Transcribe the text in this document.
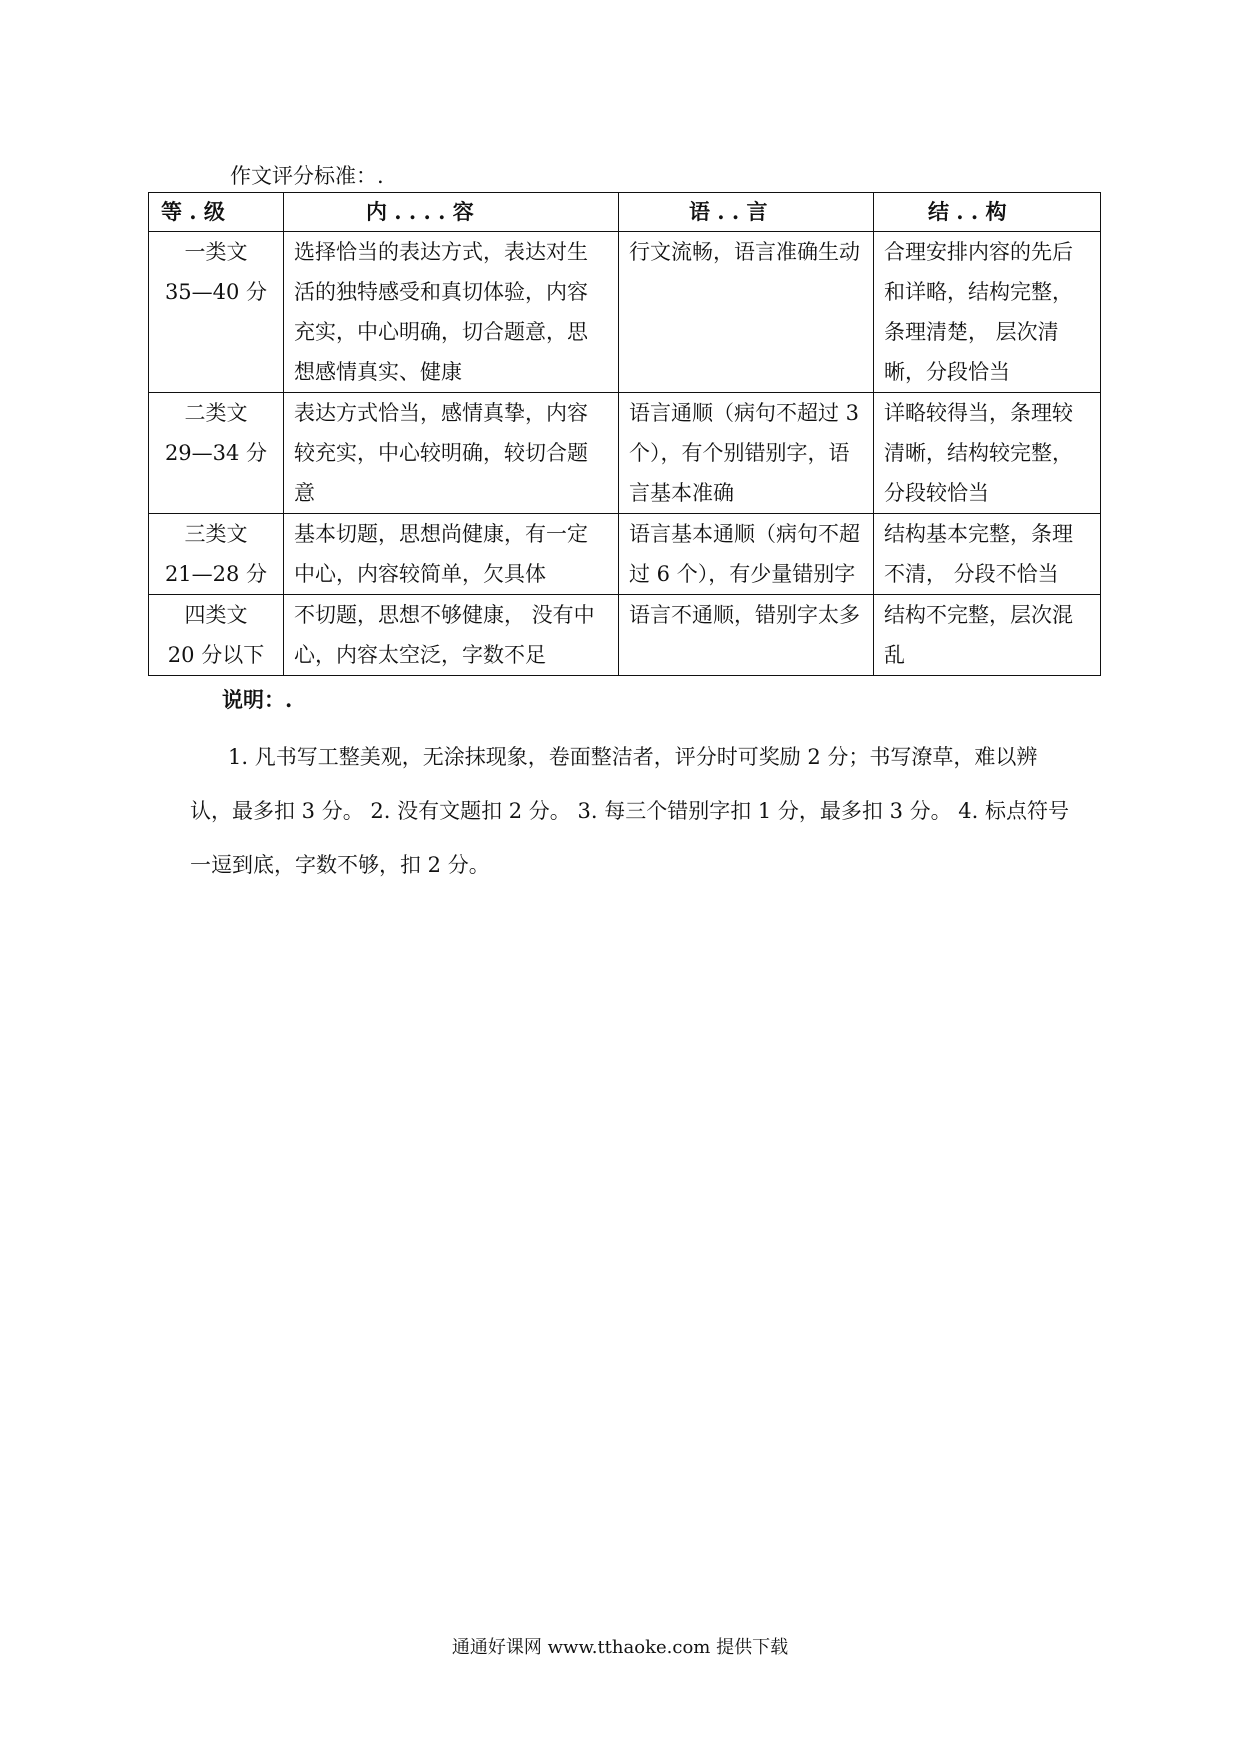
作文评分标准：.
等 . 级	内 . . . . 容	语 . . 言	结 . . 构

一类文
35—40 分	选择恰当的表达方式，表达对生活的独特感受和真切体验，内容充实，中心明确，切合题意，思想感情真实、健康	行文流畅，语言准确生动	合理安排内容的先后和详略，结构完整，条理清楚， 层次清晰，分段恰当

二类文
29—34 分	表达方式恰当，感情真挚，内容较充实，中心较明确，较切合题意	语言通顺（病句不超过 3 个），有个别错别字，语言基本准确	详略较得当，条理较清晰，结构较完整，分段较恰当

三类文
21—28 分	基本切题，思想尚健康，有一定中心，内容较简单，欠具体	语言基本通顺（病句不超过 6 个），有少量错别字	结构基本完整，条理不清， 分段不恰当

四类文
20 分以下	不切题，思想不够健康， 没有中心，内容太空泛，字数不足	语言不通顺，错别字太多	结构不完整，层次混乱
说明：.
1. 凡书写工整美观，无涂抹现象，卷面整洁者，评分时可奖励 2 分；书写潦草，难以辨认，最多扣 3 分。 2. 没有文题扣 2 分。 3. 每三个错别字扣 1 分，最多扣 3 分。 4. 标点符号一逗到底，字数不够，扣 2 分。
通通好课网 www.tthaoke.com 提供下载
